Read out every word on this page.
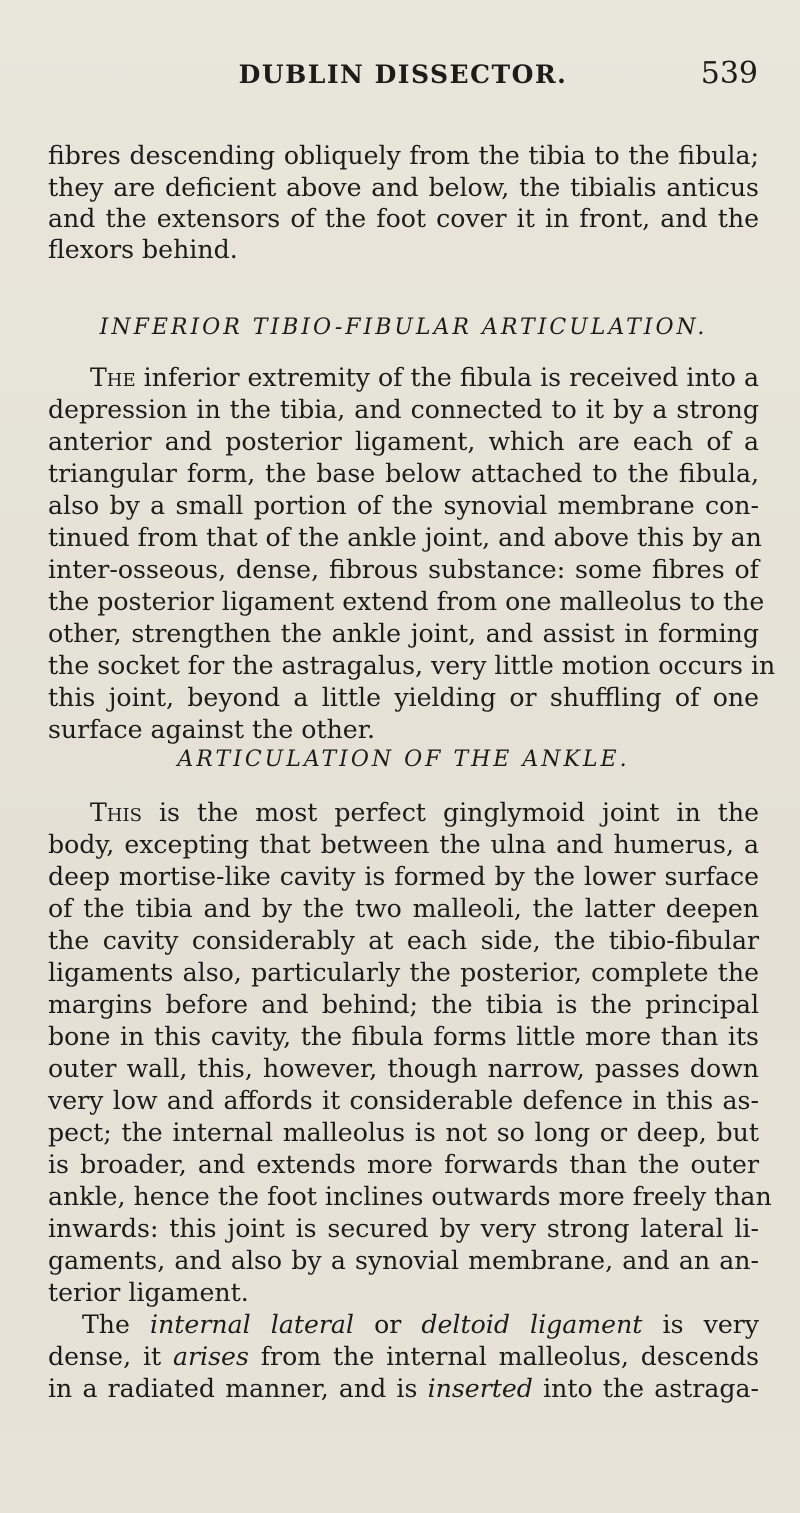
DUBLIN DISSECTOR.	539
fibres descending obliquely from the tibia to the fibula;
they are deficient above and below, the tibialis anticus
and the extensors of the foot cover it in front, and the
flexors behind.
INFERIOR TIBIO-FIBULAR ARTICULATION.
The inferior extremity of the fibula is received into a
depression in the tibia, and connected to it by a strong
anterior and posterior ligament, which are each of a
triangular form, the base below attached to the fibula,
also by a small portion of the synovial membrane con-
tinued from that of the ankle joint, and above this by an
inter-osseous, dense, fibrous substance: some fibres of
the posterior ligament extend from one malleolus to the
other, strengthen the ankle joint, and assist in forming
the socket for the astragalus, very little motion occurs in
this joint, beyond a little yielding or shuffling of one
surface against the other.
ARTICULATION OF THE ANKLE.
This is the most perfect ginglymoid joint in the
body, excepting that between the ulna and humerus, a
deep mortise-like cavity is formed by the lower surface
of the tibia and by the two malleoli, the latter deepen
the cavity considerably at each side, the tibio-fibular
ligaments also, particularly the posterior, complete the
margins before and behind; the tibia is the principal
bone in this cavity, the fibula forms little more than its
outer wall, this, however, though narrow, passes down
very low and affords it considerable defence in this as-
pect; the internal malleolus is not so long or deep, but
is broader, and extends more forwards than the outer
ankle, hence the foot inclines outwards more freely than
inwards: this joint is secured by very strong lateral li-
gaments, and also by a synovial membrane, and an an-
terior ligament.
The internal lateral or deltoid ligament is very
dense, it arises from the internal malleolus, descends
in a radiated manner, and is inserted into the astraga-
